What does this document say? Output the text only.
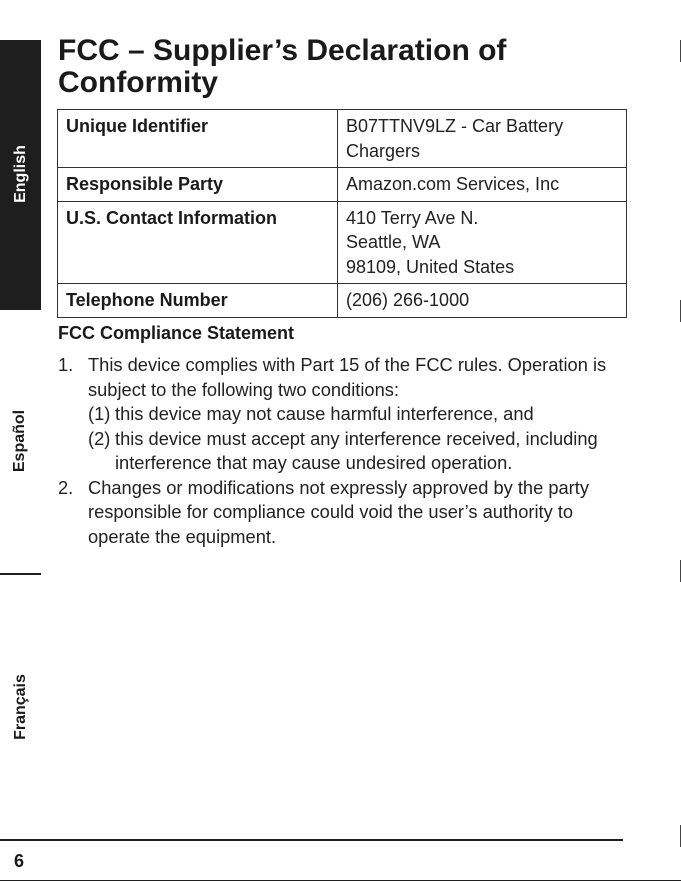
English
Español
Français
FCC – Supplier’s Declaration of Conformity
Unique Identifier	B07TTNV9LZ - Car Battery
Chargers
Responsible Party	Amazon.com Services, Inc
U.S. Contact Information	410 Terry Ave N.
Seattle, WA
98109, United States
Telephone Number	(206) 266-1000
FCC Compliance Statement
1. This device complies with Part 15 of the FCC rules. Operation is subject to the following two conditions:
(1) this device may not cause harmful interference, and
(2) this device must accept any interference received, including interference that may cause undesired operation.
2. Changes or modifications not expressly approved by the party responsible for compliance could void the user’s authority to operate the equipment.
6
